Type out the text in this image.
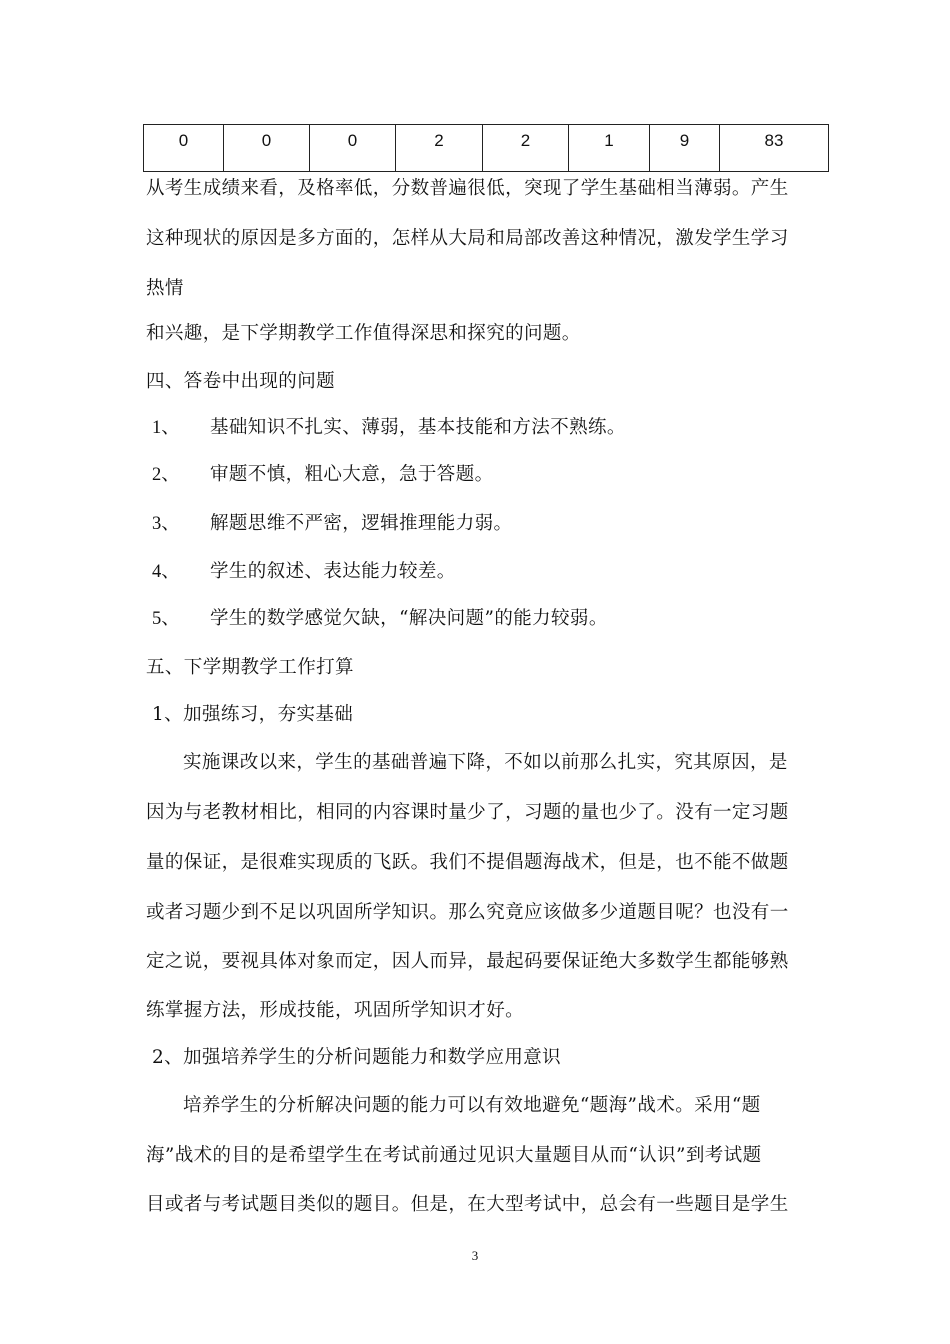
0	0	0	2	2	1	9	83
从考生成绩来看，及格率低，分数普遍很低，突现了学生基础相当薄弱。产生
这种现状的原因是多方面的，怎样从大局和局部改善这种情况，激发学生学习
热情
和兴趣，是下学期教学工作值得深思和探究的问题。
四、答卷中出现的问题
1、 基础知识不扎实、薄弱，基本技能和方法不熟练。
2、 审题不慎，粗心大意，急于答题。
3、 解题思维不严密，逻辑推理能力弱。
4、 学生的叙述、表达能力较差。
5、 学生的数学感觉欠缺，“解决问题”的能力较弱。
五、下学期教学工作打算
1、加强练习，夯实基础
实施课改以来，学生的基础普遍下降，不如以前那么扎实，究其原因，是
因为与老教材相比，相同的内容课时量少了，习题的量也少了。没有一定习题
量的保证，是很难实现质的飞跃。我们不提倡题海战术，但是，也不能不做题
或者习题少到不足以巩固所学知识。那么究竟应该做多少道题目呢？也没有一
定之说，要视具体对象而定，因人而异，最起码要保证绝大多数学生都能够熟
练掌握方法，形成技能，巩固所学知识才好。
2、加强培养学生的分析问题能力和数学应用意识
培养学生的分析解决问题的能力可以有效地避免“题海”战术。采用“题
海”战术的目的是希望学生在考试前通过见识大量题目从而“认识”到考试题
目或者与考试题目类似的题目。但是，在大型考试中，总会有一些题目是学生
3
